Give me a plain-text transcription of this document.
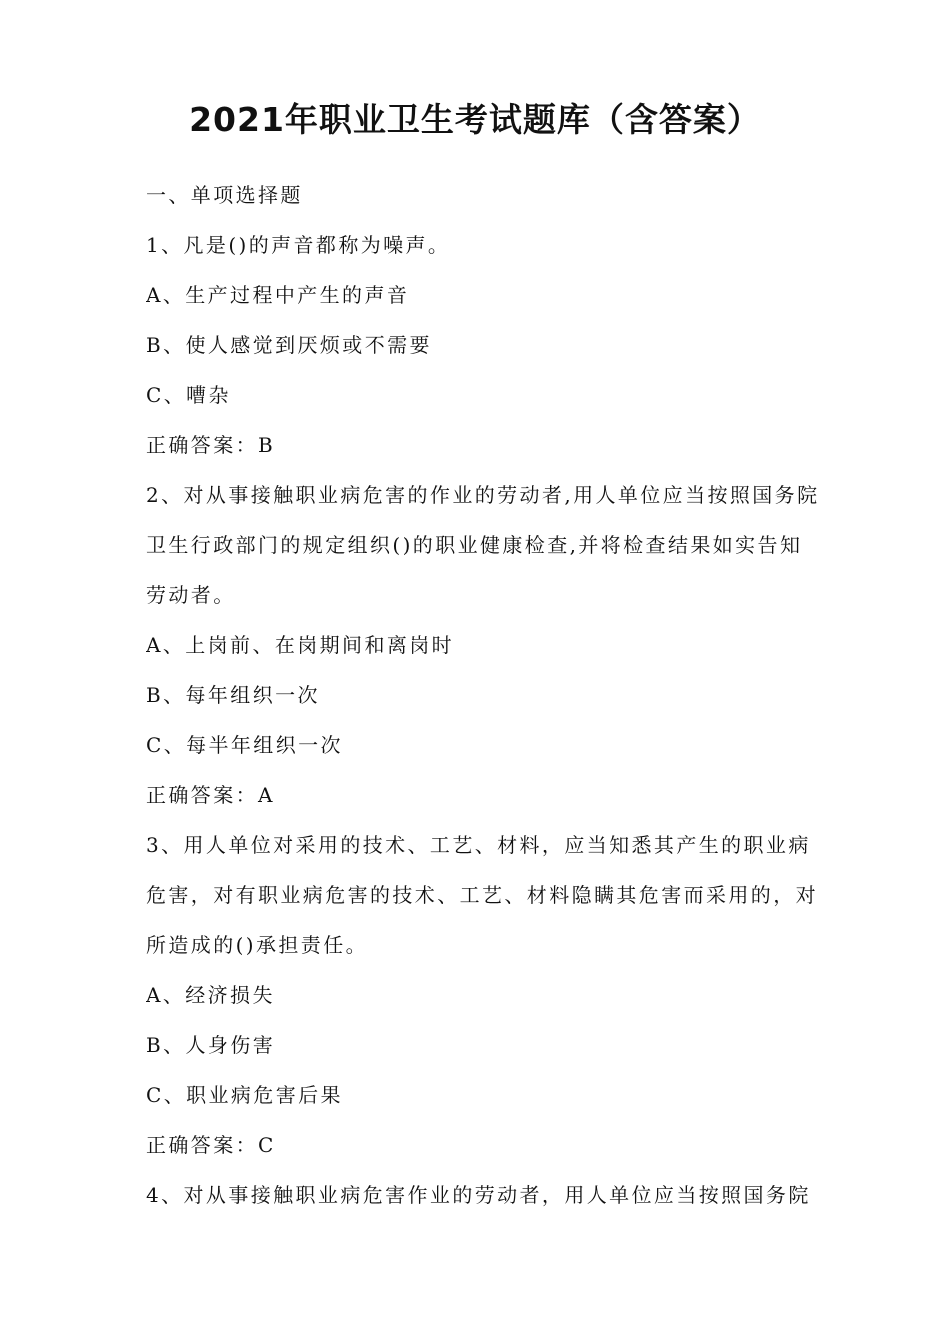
2021年职业卫生考试题库（含答案）
一、单项选择题
1、凡是()的声音都称为噪声。
A、生产过程中产生的声音
B、使人感觉到厌烦或不需要
C、嘈杂
正确答案：B
2、对从事接触职业病危害的作业的劳动者,用人单位应当按照国务院
卫生行政部门的规定组织()的职业健康检查,并将检查结果如实告知
劳动者。
A、上岗前、在岗期间和离岗时
B、每年组织一次
C、每半年组织一次
正确答案：A
3、用人单位对采用的技术、工艺、材料，应当知悉其产生的职业病
危害，对有职业病危害的技术、工艺、材料隐瞒其危害而采用的，对
所造成的()承担责任。
A、经济损失
B、人身伤害
C、职业病危害后果
正确答案：C
4、对从事接触职业病危害作业的劳动者，用人单位应当按照国务院
